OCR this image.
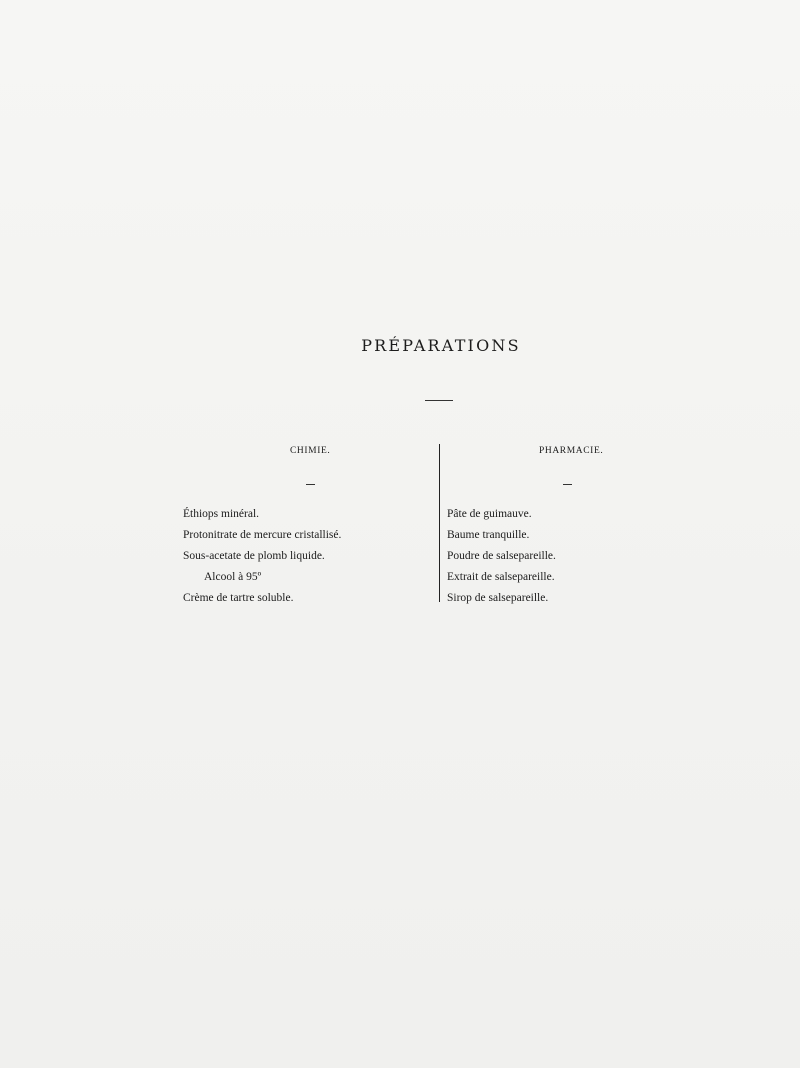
PRÉPARATIONS
CHIMIE.	PHARMACIE.
Éthiops minéral.
Protonitrate de mercure cristallisé.
Sous-acetate de plomb liquide.
Alcool à 95º
Crème de tartre soluble.
Pâte de guimauve.
Baume tranquille.
Poudre de salsepareille.
Extrait de salsepareille.
Sirop de salsepareille.
